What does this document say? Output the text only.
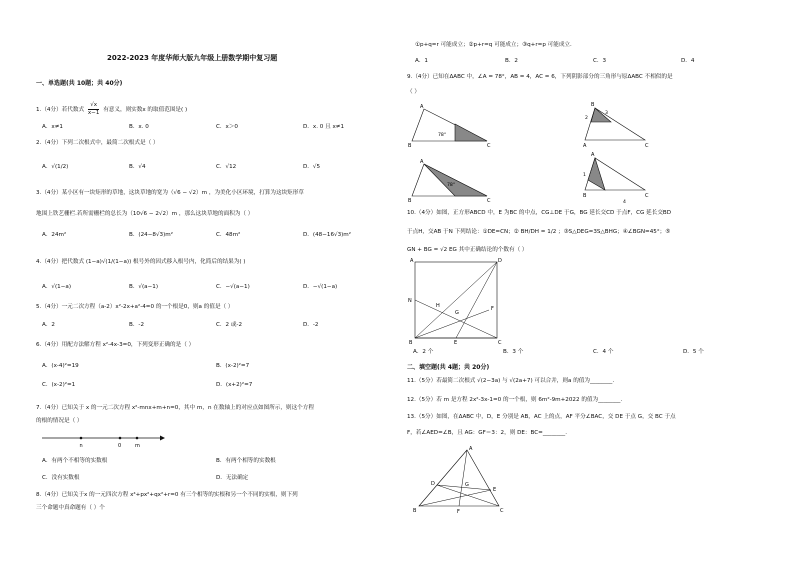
2022-2023 年度华师大版九年级上册数学期中复习题
一、单选题(共 10题；共 40分)
1.（4分）若代数式 $\frac{√x}{x-1}$ 有意义，则实数x 的取值范围是( )
A．x≠1	B．x. 0	C．x＞0	D．x. 0 且 x≠1
2.（4分）下列二次根式中，最简二次根式是（ ）
A．√(1/2)	B．√4	C．√12	D．√5
3.（4分）某小区有一块矩形的草地，这块草地的宽为（√6 − √2）m ，为美化小区环境，打算为这块矩形草
地围上铁艺栅栏.若所需栅栏的总长为（10√6 − 2√2）m ，那么这块草地的面积为（ ）
A．24m²	B．(24−8√3)m²	C．48m²	D．(48−16√3)m²
4.（4分）把代数式 (1−a)√(1/(1−a)) 根号外的因式移入根号内，化简后的结果为( )
A．√(1−a)	B．√(a−1)	C．−√(a−1)	D．−√(1−a)
5.（4分）一元二次方程（a-2）x²-2x+a²-4=0 的一个根是0，则a 的值是（ ）
A．2	B．-2	C．2 或-2	D．-2
6.（4分）用配方法解方程 x²-4x-3=0，下列变形正确的是（ ）
A．(x-4)²=19	B．(x-2)²=7
C．(x-2)²=1	D．(x+2)²=7
7.（4分）已知关于 x 的一元二次方程 x²-mnx+m+n=0，其中 m，n 在数轴上的对应点如图所示，则这个方程
的根的情况是（ ）
n	0	m
A．有两个不相等的实数根	B．有两个相等的实数根
C．没有实数根	D．无法确定
8.（4分）已知关于x 的一元四次方程 x⁴+px²+qx²+r=0 有三个相等的实根和另一个不同的实根，则下列
三个命题中真命题有（ ）个
①p+q=r 可能成立；②p+r=q 可能成立；③q+r=p 可能成立．
A．1	B．2	C．3	D．4
9.（4分）已知在ΔABC 中，∠A = 78°，AB = 4，AC = 6，下列阴影部分的三角形与原ΔABC 不相似的是
（ ）
A
B	C
78°
B
A	C
2
3
A
B	C
78°
A
B	C
1
4
10.（4分）如图，正方形ABCD 中，E 为BC 的中点，CG⊥DE 于G，BG 延长交CD 于点F，CG 延长交BD
于点H，交AB 于N 下列结论：①DE=CN；② BH/DH = 1/2 ；③S△DEG=3S△BHG；④∠BGN=45°；⑤
GN + BG = √2 EG 其中正确结论的个数有（ ）
A	D
B	C
N
H
G
F
E
A．2 个	B．3 个	C．4 个	D．5 个
二、填空题(共 4题；共 20分)
11.（5分）若最简二次根式 √(2−3a) 与 √(2a+7) 可以合并，则a 的值为________.
12.（5分）若 m 是方程 2x²-3x-1=0 的一个根，则 6m²-9m+2022 的值为________.
13.（5分）如图，在ΔABC 中，D，E 分别是 AB，AC 上的点，AF 平分∠BAC，交 DE 于点 G，交 BC 于点
F，若∠AED=∠B，且 AG：GF＝3：2，则 DE：BC=________.
A
B	C
D
E
F
G
